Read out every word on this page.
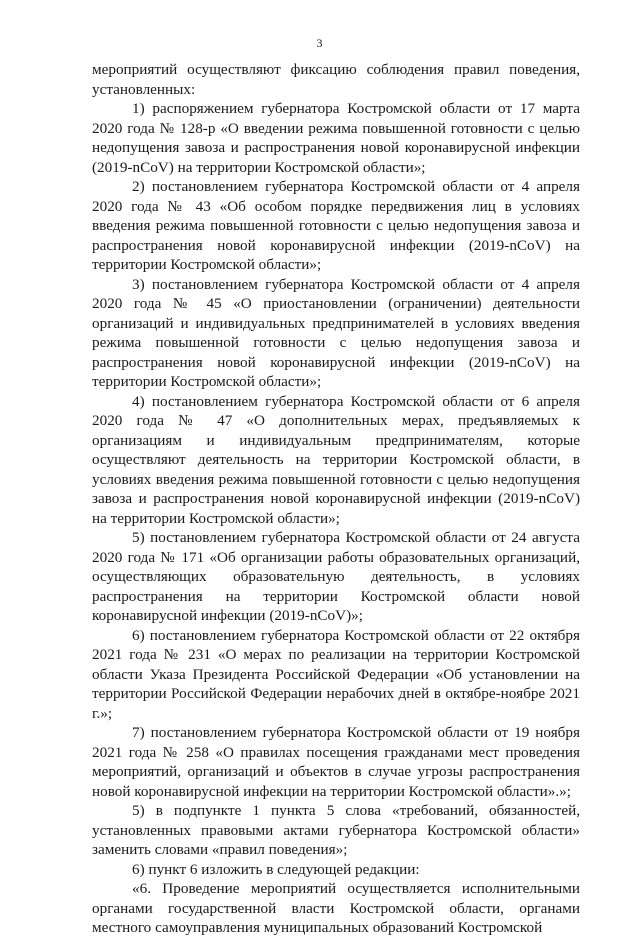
3

мероприятий осуществляют фиксацию соблюдения правил поведения, установленных:

1) распоряжением губернатора Костромской области от 17 марта 2020 года № 128-р «О введении режима повышенной готовности с целью недопущения завоза и распространения новой коронавирусной инфекции (2019-nCoV) на территории Костромской области»;

2) постановлением губернатора Костромской области от 4 апреля 2020 года № 43 «Об особом порядке передвижения лиц в условиях введения режима повышенной готовности с целью недопущения завоза и распространения новой коронавирусной инфекции (2019-nCoV) на территории Костромской области»;

3) постановлением губернатора Костромской области от 4 апреля 2020 года № 45 «О приостановлении (ограничении) деятельности организаций и индивидуальных предпринимателей в условиях введения режима повышенной готовности с целью недопущения завоза и распространения новой коронавирусной инфекции (2019-nCoV) на территории Костромской области»;

4) постановлением губернатора Костромской области от 6 апреля 2020 года № 47 «О дополнительных мерах, предъявляемых к организациям и индивидуальным предпринимателям, которые осуществляют деятельность на территории Костромской области, в условиях введения режима повышенной готовности с целью недопущения завоза и распространения новой коронавирусной инфекции (2019-nCoV) на территории Костромской области»;

5) постановлением губернатора Костромской области от 24 августа 2020 года № 171 «Об организации работы образовательных организаций, осуществляющих образовательную деятельность, в условиях распространения на территории Костромской области новой коронавирусной инфекции (2019-nCoV)»;

6) постановлением губернатора Костромской области от 22 октября 2021 года № 231 «О мерах по реализации на территории Костромской области Указа Президента Российской Федерации «Об установлении на территории Российской Федерации нерабочих дней в октябре-ноябре 2021 г.»;

7) постановлением губернатора Костромской области от 19 ноября 2021 года № 258 «О правилах посещения гражданами мест проведения мероприятий, организаций и объектов в случае угрозы распространения новой коронавирусной инфекции на территории Костромской области».»;

5) в подпункте 1 пункта 5 слова «требований, обязанностей, установленных правовыми актами губернатора Костромской области» заменить словами «правил поведения»;

6) пункт 6 изложить в следующей редакции:

«6. Проведение мероприятий осуществляется исполнительными органами государственной власти Костромской области, органами местного самоуправления муниципальных образований Костромской
